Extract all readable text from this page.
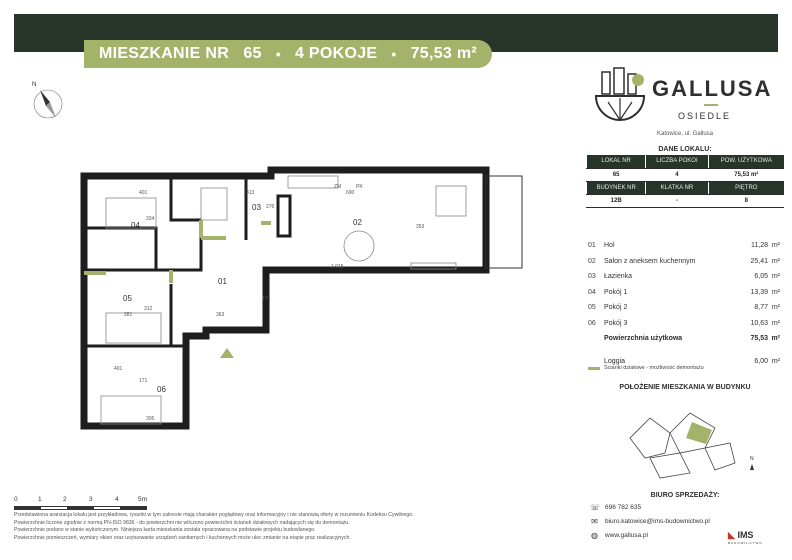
MIESZKANIE NR 65 • 4 POKOJE • 75,53 m²
N
04	02
03
01
05
06
401
334
313	690
276
353
1 015
281
312
363
174
401
171
305
ZM	PK
GALLUSA
OSIEDLE
Katowice, ul. Gallusa
DANE LOKALU:
LOKAL NR	LICZBA POKOI	POW. UŻYTKOWA
65	4	75,53 m²
BUDYNEK NR	KLATKA NR	PIĘTRO
12B	-	8
01 Hol	11,28 m²
02 Salon z aneksem kuchennym	25,41 m²
03 Łazienka	6,05 m²
04 Pokój 1	13,39 m²
05 Pokój 2	8,77 m²
06 Pokój 3	10,63 m²
Powierzchnia użytkowa	75,53 m²
Loggia	6,00 m²
Ścianki działowe - możliwość demontażu
POŁOŻENIE MIESZKANIA W BUDYNKU
N
BIURO SPRZEDAŻY:
☏ 696 782 635
✉ biuro.katowice@ims-budownictwo.pl
◍ www.gallusa.pl	◣ IMS
BUDOWNICTWO
0	1	2	3	4	5m
Przedstawiona aranżacja lokalu jest przykładowa, rysunki w tym zakresie mają charakter poglądowy oraz informacyjny i nie stanowią oferty w rozumieniu Kodeksu Cywilnego.
Powierzchnie liczone zgodnie z normą PN-ISO 9836 - do powierzchni nie wliczono powierzchni ścianek działowych nadających się do demontażu.
Powierzchnie podano w stanie wykończonym. Niniejsza karta mieszkania została opracowana na podstawie projektu budowlanego.
Powierzchnie pomieszczeń, wymiary okien oraz usytuowanie urządzeń sanitarnych i kuchennych może ulec zmianie na etapie prac realizacyjnych.
